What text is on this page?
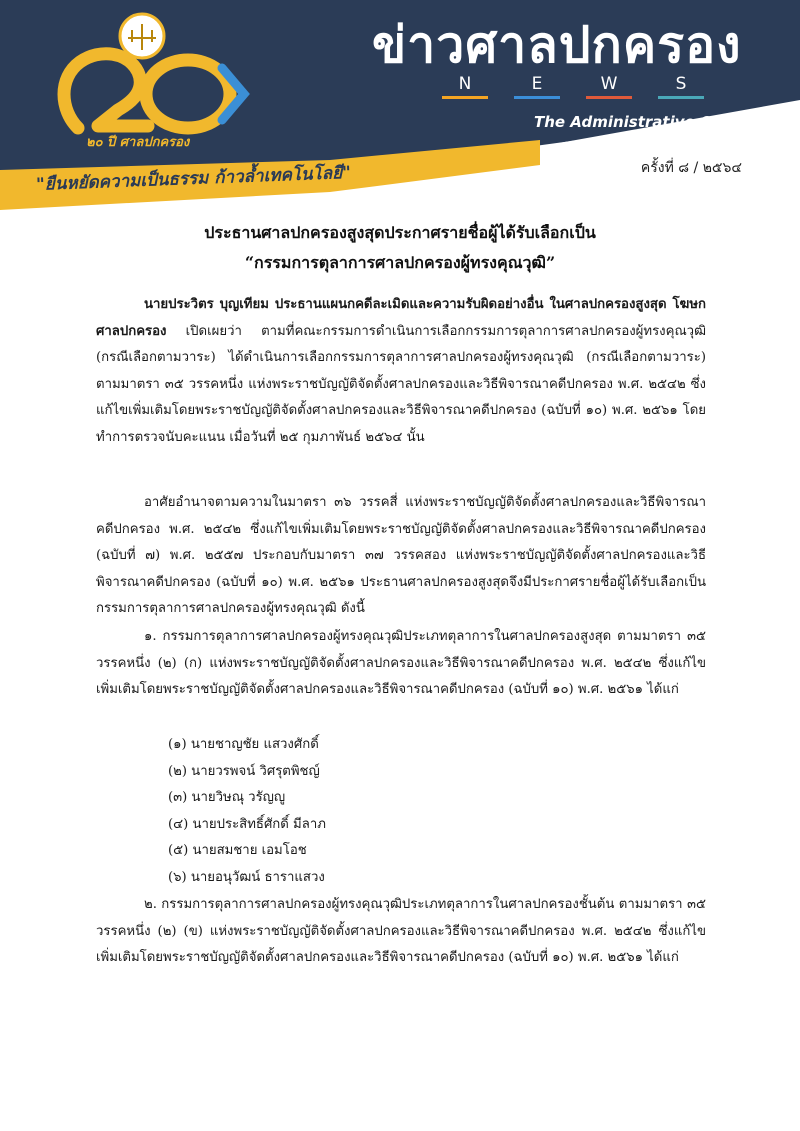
ข่าวศาลปกครอง
N	E	W	S
The Administrative Court
๒๐ ปี ศาลปกครอง
"ยืนหยัดความเป็นธรรม ก้าวล้ำเทคโนโลยี"	ครั้งที่ ๘ / ๒๕๖๔
ประธานศาลปกครองสูงสุดประกาศรายชื่อผู้ได้รับเลือกเป็น
“กรรมการตุลาการศาลปกครองผู้ทรงคุณวุฒิ”

นายประวิตร บุญเทียม ประธานแผนกคดีละเมิดและความรับผิดอย่างอื่น ในศาลปกครองสูงสุด โฆษกศาลปกครอง เปิดเผยว่า ตามที่คณะกรรมการดำเนินการเลือกกรรมการตุลาการศาลปกครองผู้ทรงคุณวุฒิ (กรณีเลือกตามวาระ) ได้ดำเนินการเลือกกรรมการตุลาการศาลปกครองผู้ทรงคุณวุฒิ (กรณีเลือกตามวาระ) ตามมาตรา ๓๕ วรรคหนึ่ง แห่งพระราชบัญญัติจัดตั้งศาลปกครองและวิธีพิจารณาคดีปกครอง พ.ศ. ๒๕๔๒ ซึ่งแก้ไขเพิ่มเติมโดยพระราชบัญญัติจัดตั้งศาลปกครองและวิธีพิจารณาคดีปกครอง (ฉบับที่ ๑๐) พ.ศ. ๒๕๖๑ โดยทำการตรวจนับคะแนน เมื่อวันที่ ๒๕ กุมภาพันธ์ ๒๕๖๔ นั้น

อาศัยอำนาจตามความในมาตรา ๓๖ วรรคสี่ แห่งพระราชบัญญัติจัดตั้งศาลปกครองและวิธีพิจารณาคดีปกครอง พ.ศ. ๒๕๔๒ ซึ่งแก้ไขเพิ่มเติมโดยพระราชบัญญัติจัดตั้งศาลปกครองและวิธีพิจารณาคดีปกครอง (ฉบับที่ ๗) พ.ศ. ๒๕๕๗ ประกอบกับมาตรา ๓๗ วรรคสอง แห่งพระราชบัญญัติจัดตั้งศาลปกครองและวิธีพิจารณาคดีปกครอง (ฉบับที่ ๑๐) พ.ศ. ๒๕๖๑ ประธานศาลปกครองสูงสุดจึงมีประกาศรายชื่อผู้ได้รับเลือกเป็นกรรมการตุลาการศาลปกครองผู้ทรงคุณวุฒิ ดังนี้

๑. กรรมการตุลาการศาลปกครองผู้ทรงคุณวุฒิประเภทตุลาการในศาลปกครองสูงสุด ตามมาตรา ๓๕ วรรคหนึ่ง (๒) (ก) แห่งพระราชบัญญัติจัดตั้งศาลปกครองและวิธีพิจารณาคดีปกครอง พ.ศ. ๒๕๔๒ ซึ่งแก้ไขเพิ่มเติมโดยพระราชบัญญัติจัดตั้งศาลปกครองและวิธีพิจารณาคดีปกครอง (ฉบับที่ ๑๐) พ.ศ. ๒๕๖๑ ได้แก่

(๑) นายชาญชัย แสวงศักดิ์
(๒) นายวรพจน์ วิศรุตพิชญ์
(๓) นายวิษณุ วรัญญู
(๔) นายประสิทธิ์ศักดิ์ มีลาภ
(๕) นายสมชาย เอมโอช
(๖) นายอนุวัฒน์ ธาราแสวง

๒. กรรมการตุลาการศาลปกครองผู้ทรงคุณวุฒิประเภทตุลาการในศาลปกครองชั้นต้น ตามมาตรา ๓๕ วรรคหนึ่ง (๒) (ข) แห่งพระราชบัญญัติจัดตั้งศาลปกครองและวิธีพิจารณาคดีปกครอง พ.ศ. ๒๕๔๒ ซึ่งแก้ไขเพิ่มเติมโดยพระราชบัญญัติจัดตั้งศาลปกครองและวิธีพิจารณาคดีปกครอง (ฉบับที่ ๑๐) พ.ศ. ๒๕๖๑ ได้แก่
